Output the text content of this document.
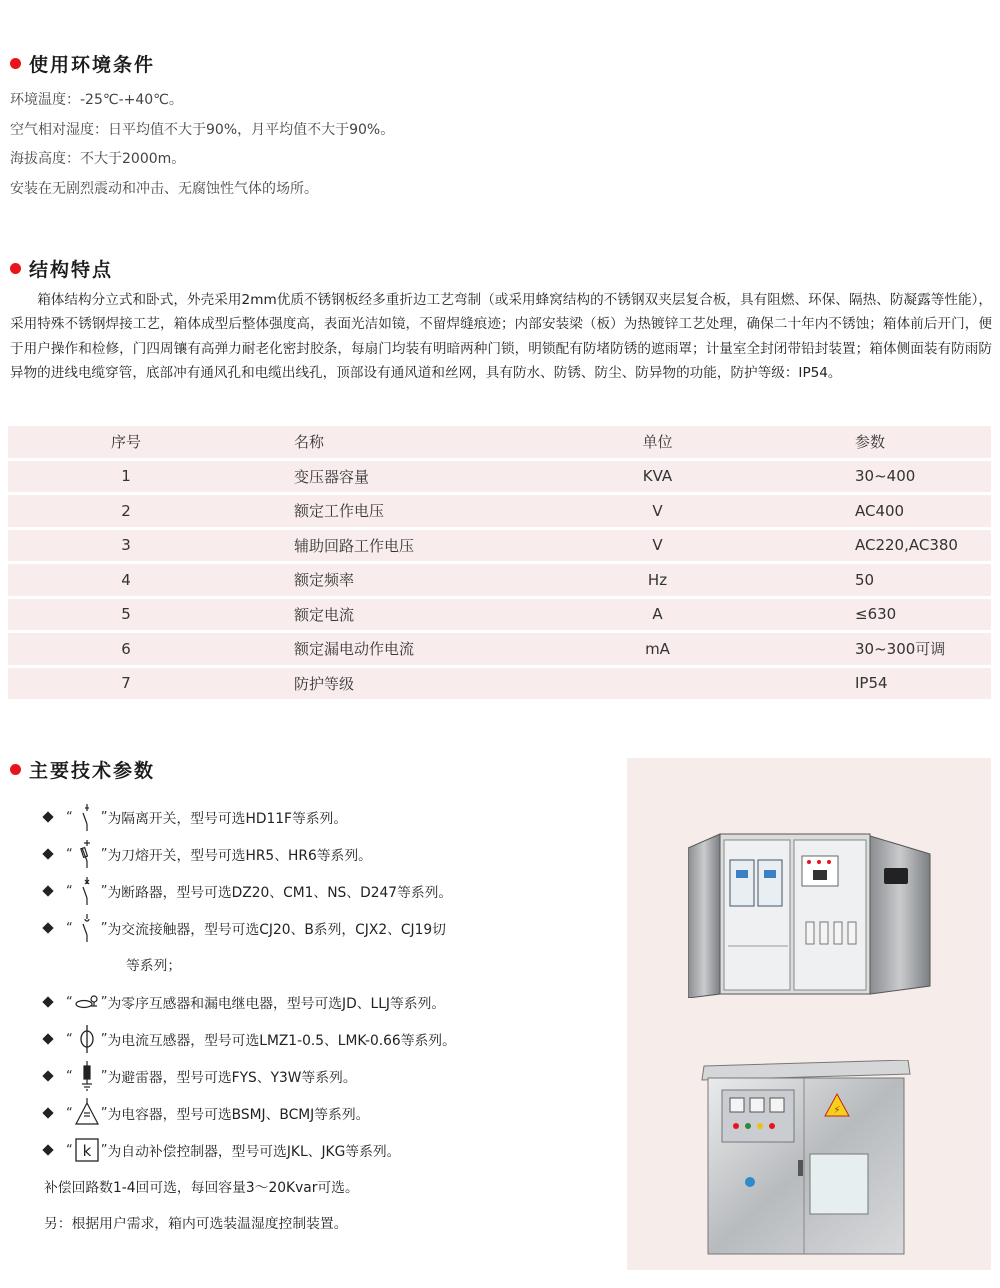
使用环境条件
环境温度：-25℃-+40℃。
空气相对湿度：日平均值不大于90%，月平均值不大于90%。
海拔高度：不大于2000m。
安装在无剧烈震动和冲击、无腐蚀性气体的场所。
结构特点

箱体结构分立式和卧式，外壳采用2mm优质不锈钢板经多重折边工艺弯制（或采用蜂窝结构的不锈钢双夹层复合板，具有阻燃、环保、隔热、防凝露等性能），采用特殊不锈钢焊接工艺，箱体成型后整体强度高，表面光洁如镜，不留焊缝痕迹；内部安装梁（板）为热镀锌工艺处理，确保二十年内不锈蚀；箱体前后开门，便于用户操作和检修，门四周镶有高弹力耐老化密封胶条，每扇门均装有明暗两种门锁，明锁配有防堵防锈的遮雨罩；计量室全封闭带铅封装置；箱体侧面装有防雨防异物的进线电缆穿管，底部冲有通风孔和电缆出线孔，顶部设有通风道和丝网，具有防水、防锈、防尘、防异物的功能，防护等级：IP54。

序号	名称	单位	参数
1	变压器容量	KVA	30~400
2	额定工作电压	V	AC400
3	辅助回路工作电压	V	AC220,AC380
4	额定频率	Hz	50
5	额定电流	A	≤630
6	额定漏电动作电流	mA	30~300可调
7	防护等级		IP54
主要技术参数
“ ” 为隔离开关，型号可选HD11F等系列。
“ ” 为刀熔开关，型号可选HR5、HR6等系列。
“ ” 为断路器，型号可选DZ20、CM1、NS、D247等系列。
“ ” 为交流接触器，型号可选CJ20、B系列，CJX2、CJ19切
等系列；
“ ” 为零序互感器和漏电继电器，型号可选JD、LLJ等系列。
“ ” 为电流互感器，型号可选LMZ1-0.5、LMK-0.66等系列。
“ ” 为避雷器，型号可选FYS、Y3W等系列。
“ ” 为电容器，型号可选BSMJ、BCMJ等系列。
“ k ” 为自动补偿控制器，型号可选JKL、JKG等系列。
补偿回路数1-4回可选，每回容量3～20Kvar可选。
另：根据用户需求，箱内可选装温湿度控制装置。
⚡
